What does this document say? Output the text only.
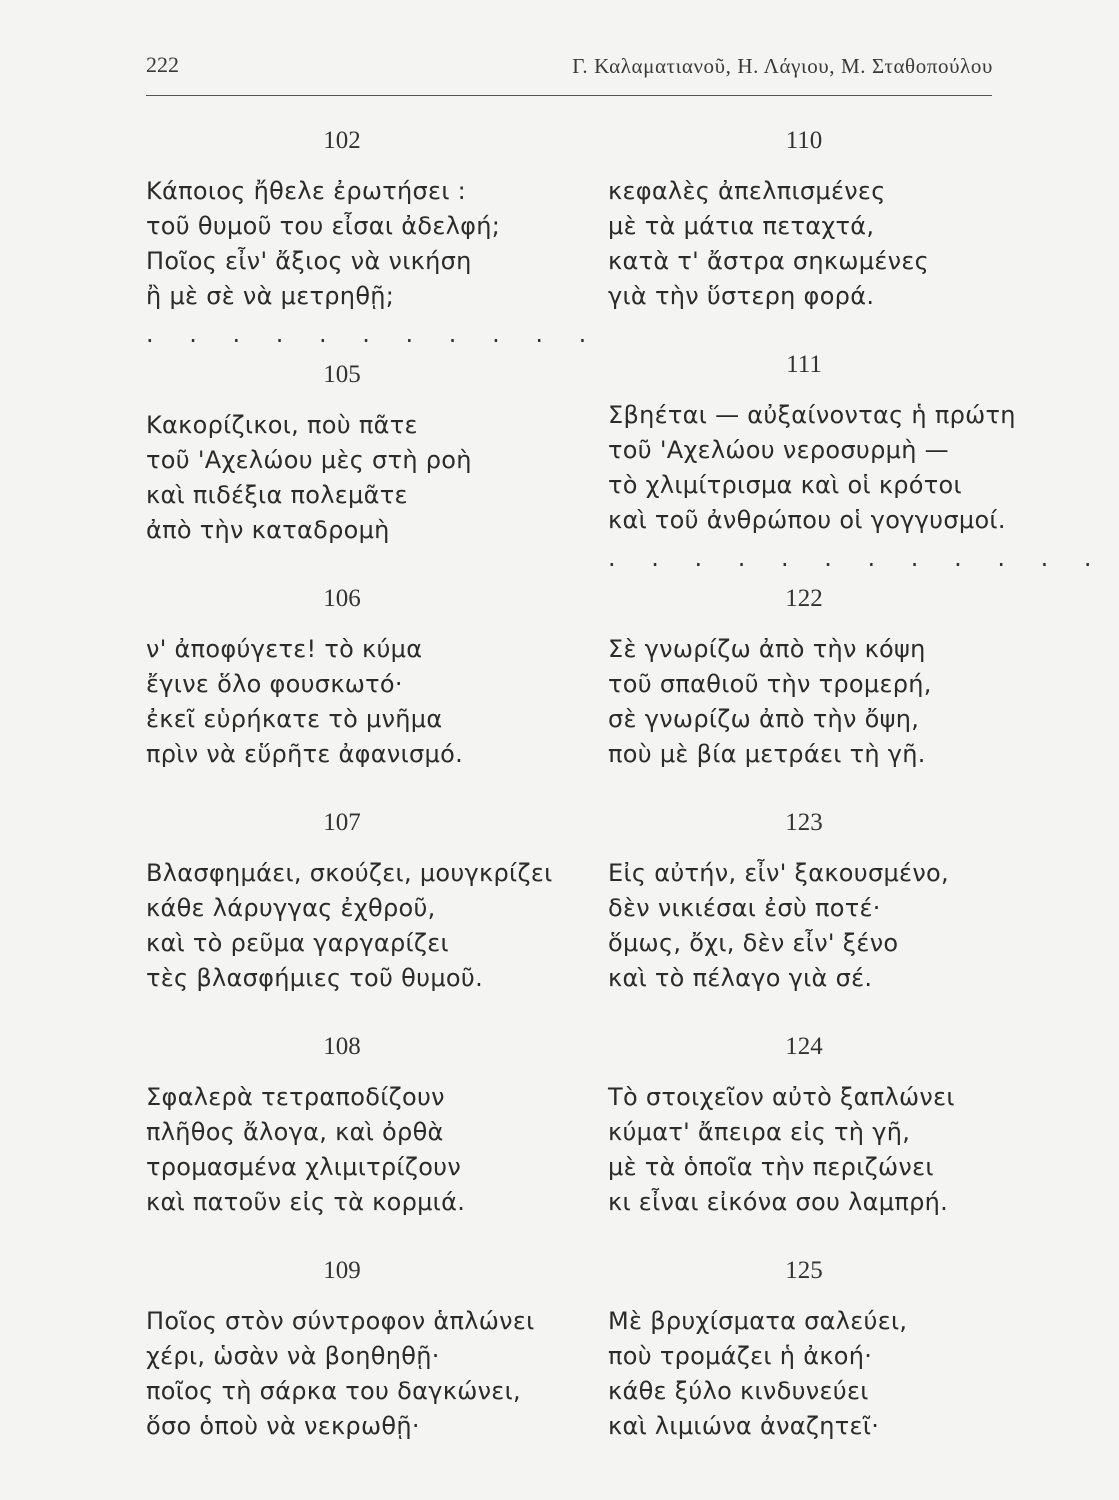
222	Γ. Καλαματιανοῦ, Η. Λάγιου, Μ. Σταθοπούλου
102
Κάποιος ἤθελε ἐρωτήσει :
τοῦ θυμοῦ του εἶσαι ἀδελφή;
Ποῖος εἶν' ἄξιος νὰ νικήση
ἢ μὲ σὲ νὰ μετρηθῇ;
. . . . . . . . . . .
105
Κακορίζικοι, ποὺ πᾶτε
τοῦ 'Αχελώου μὲς στὴ ροὴ
καὶ πιδέξια πολεμᾶτε
ἀπὸ τὴν καταδρομὴ
106
ν' ἀποφύγετε! τὸ κύμα
ἔγινε ὅλο φουσκωτό·
ἐκεῖ εὑρήκατε τὸ μνῆμα
πρὶν νὰ εὕρῆτε ἀφανισμό.
107
Βλασφημάει, σκούζει, μουγκρίζει
κάθε λάρυγγας ἐχθροῦ,
καὶ τὸ ρεῦμα γαργαρίζει
τὲς βλασφήμιες τοῦ θυμοῦ.
108
Σφαλερὰ τετραποδίζουν
πλῆθος ἄλογα, καὶ ὀρθὰ
τρομασμένα χλιμιτρίζουν
καὶ πατοῦν εἰς τὰ κορμιά.
109
Ποῖος στὸν σύντροφον ἁπλώνει
χέρι, ὡσὰν νὰ βοηθηθῇ·
ποῖος τὴ σάρκα του δαγκώνει,
ὅσο ὁποὺ νὰ νεκρωθῇ·
110
κεφαλὲς ἀπελπισμένες
μὲ τὰ μάτια πεταχτά,
κατὰ τ' ἄστρα σηκωμένες
γιὰ τὴν ὕστερη φορά.
111
Σβηέται — αὐξαίνοντας ἡ πρώτη
τοῦ 'Αχελώου νεροσυρμὴ —
τὸ χλιμίτρισμα καὶ οἱ κρότοι
καὶ τοῦ ἀνθρώπου οἱ γογγυσμοί.
. . . . . . . . . . . .
122
Σὲ γνωρίζω ἀπὸ τὴν κόψη
τοῦ σπαθιοῦ τὴν τρομερή,
σὲ γνωρίζω ἀπὸ τὴν ὄψη,
ποὺ μὲ βία μετράει τὴ γῆ.
123
Εἰς αὐτήν, εἶν' ξακουσμένο,
δὲν νικιέσαι ἐσὺ ποτέ·
ὅμως, ὄχι, δὲν εἶν' ξένο
καὶ τὸ πέλαγο γιὰ σέ.
124
Τὸ στοιχεῖον αὐτὸ ξαπλώνει
κύματ' ἄπειρα εἰς τὴ γῆ,
μὲ τὰ ὁποῖα τὴν περιζώνει
κι εἶναι εἰκόνα σου λαμπρή.
125
Μὲ βρυχίσματα σαλεύει,
ποὺ τρομάζει ἡ ἀκοή·
κάθε ξύλο κινδυνεύει
καὶ λιμιώνα ἀναζητεῖ·
